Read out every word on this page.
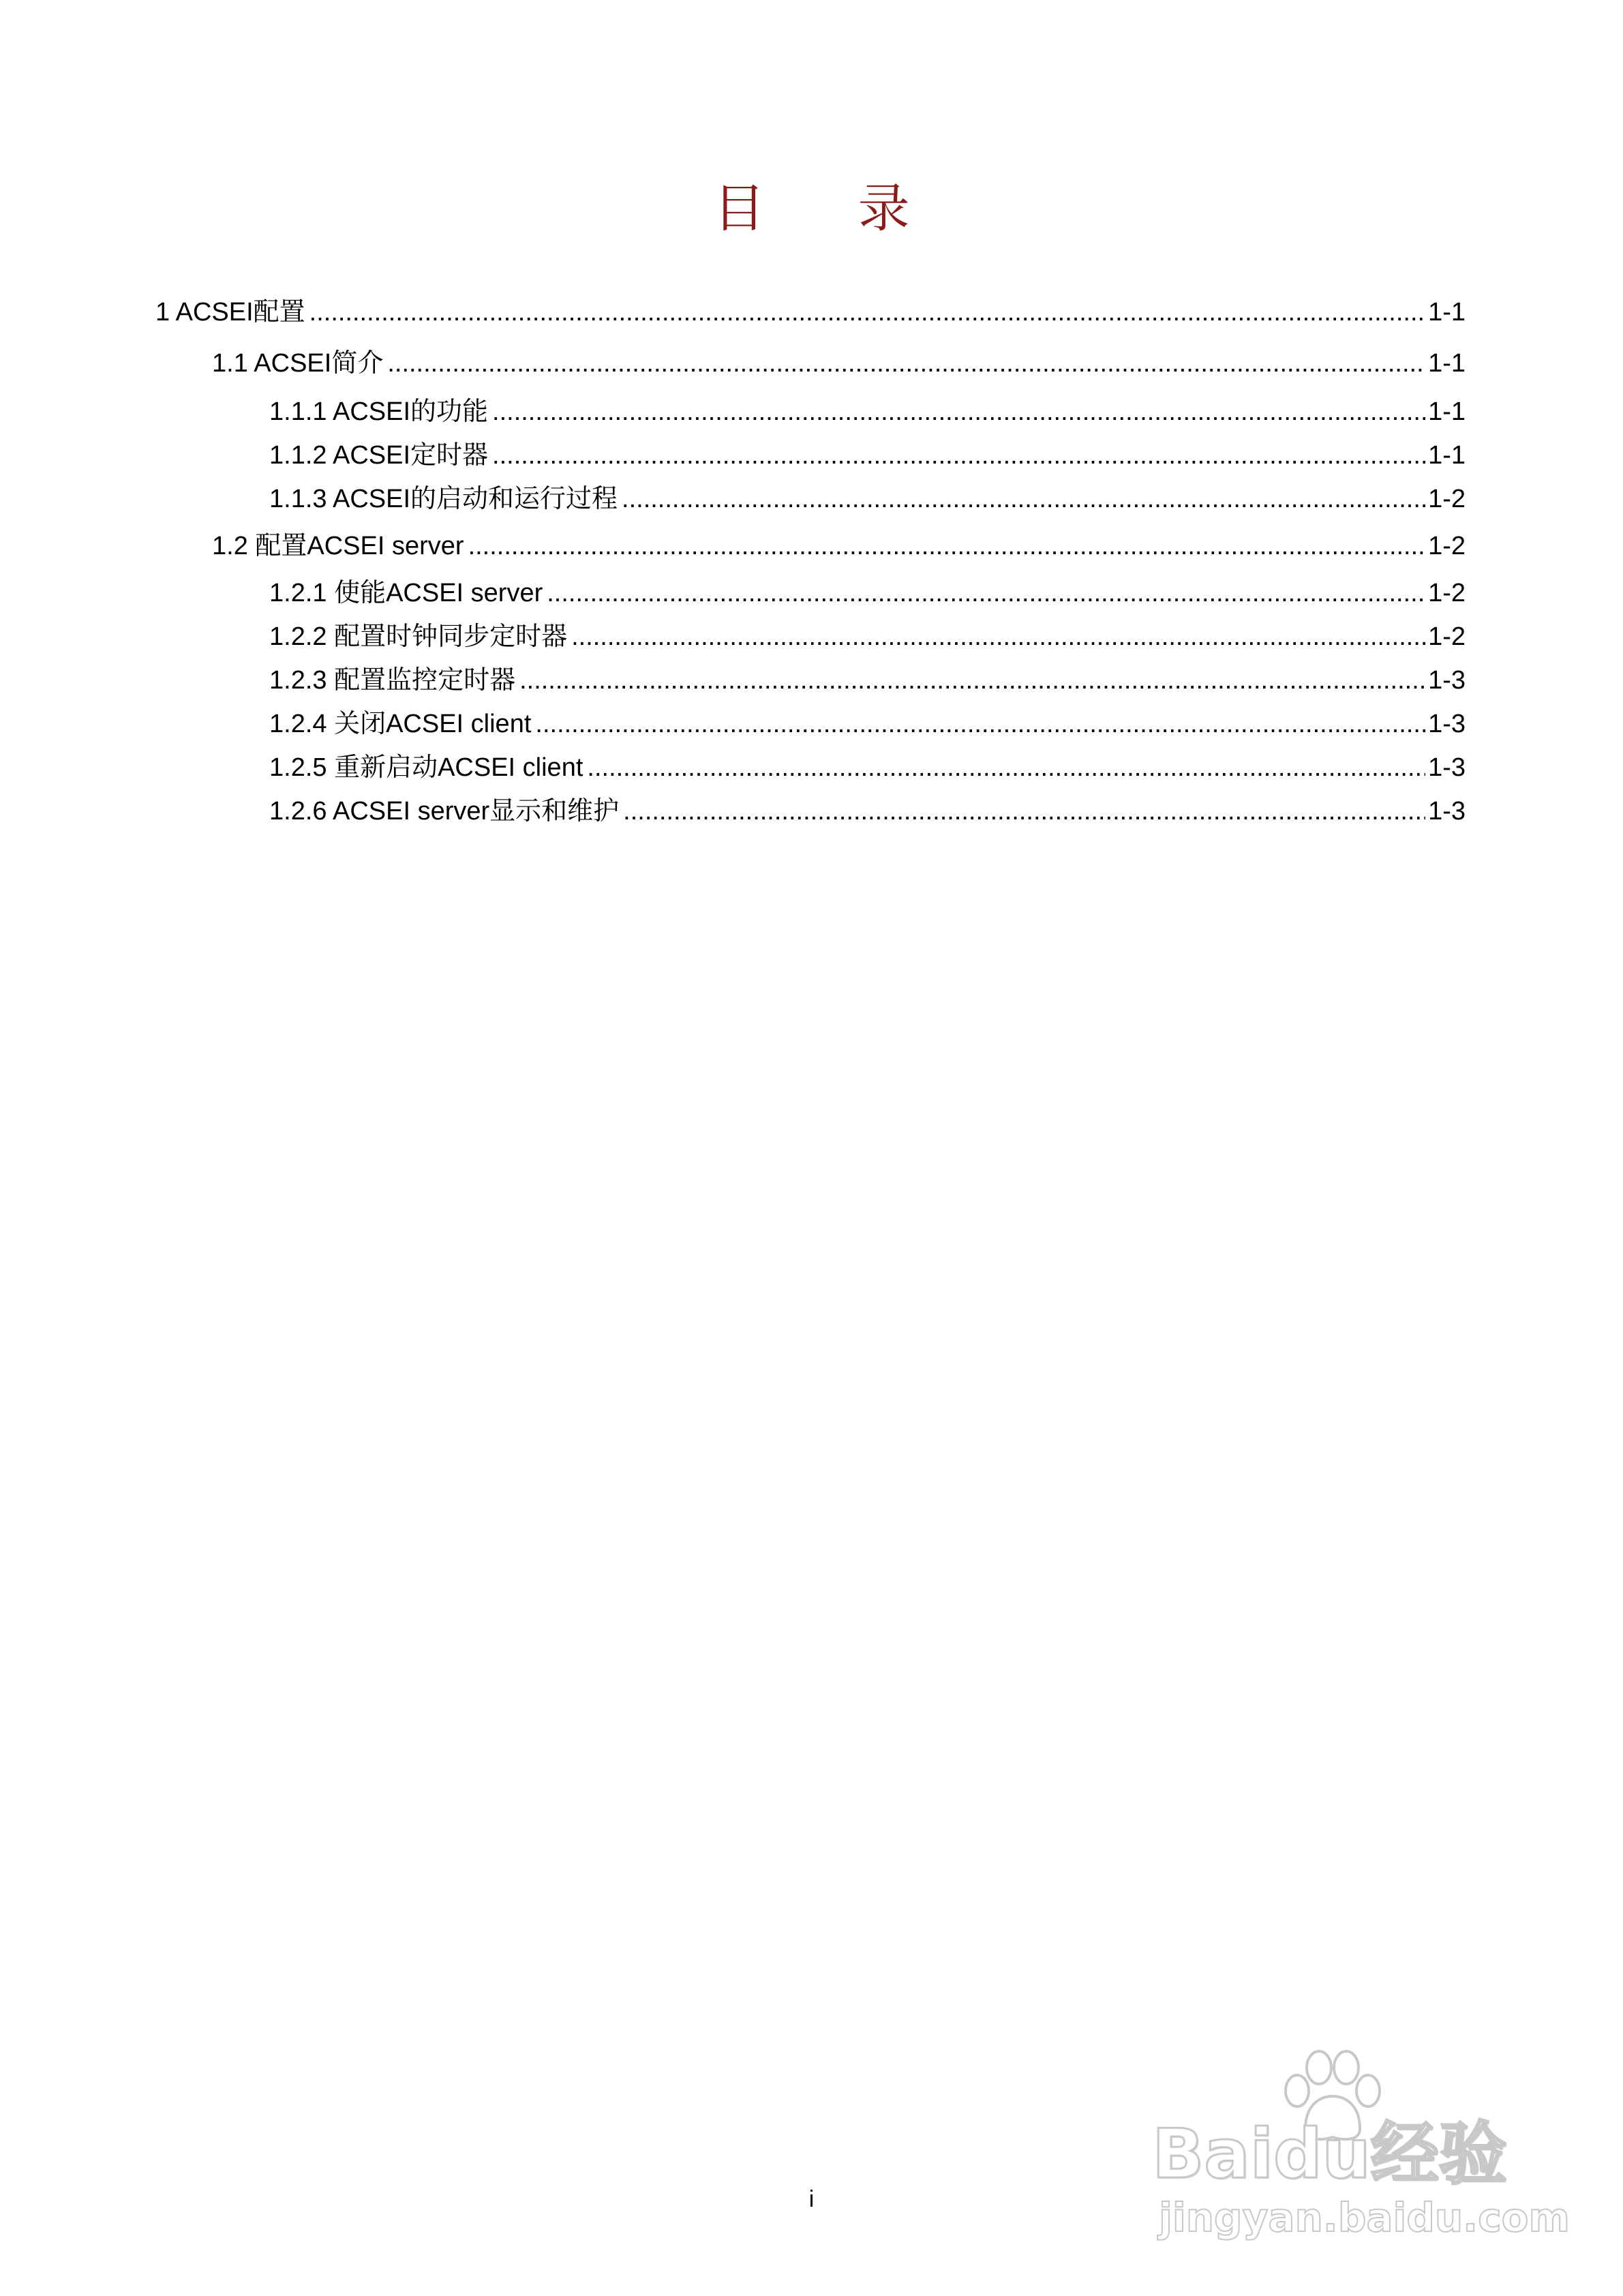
目 录
1 ACSEI配置 .....	1-1
1.1 ACSEI简介 .....	1-1
1.1.1 ACSEI的功能 .....	1-1
1.1.2 ACSEI定时器 .....	1-1
1.1.3 ACSEI的启动和运行过程 .....	1-2
1.2 配置ACSEI server .....	1-2
1.2.1 使能ACSEI server .....	1-2
1.2.2 配置时钟同步定时器 .....	1-2
1.2.3 配置监控定时器 .....	1-3
1.2.4 关闭ACSEI client .....	1-3
1.2.5 重新启动ACSEI client .....	1-3
1.2.6 ACSEI server显示和维护 .....	1-3
i
Baidu经验
jingyan.baidu.com
